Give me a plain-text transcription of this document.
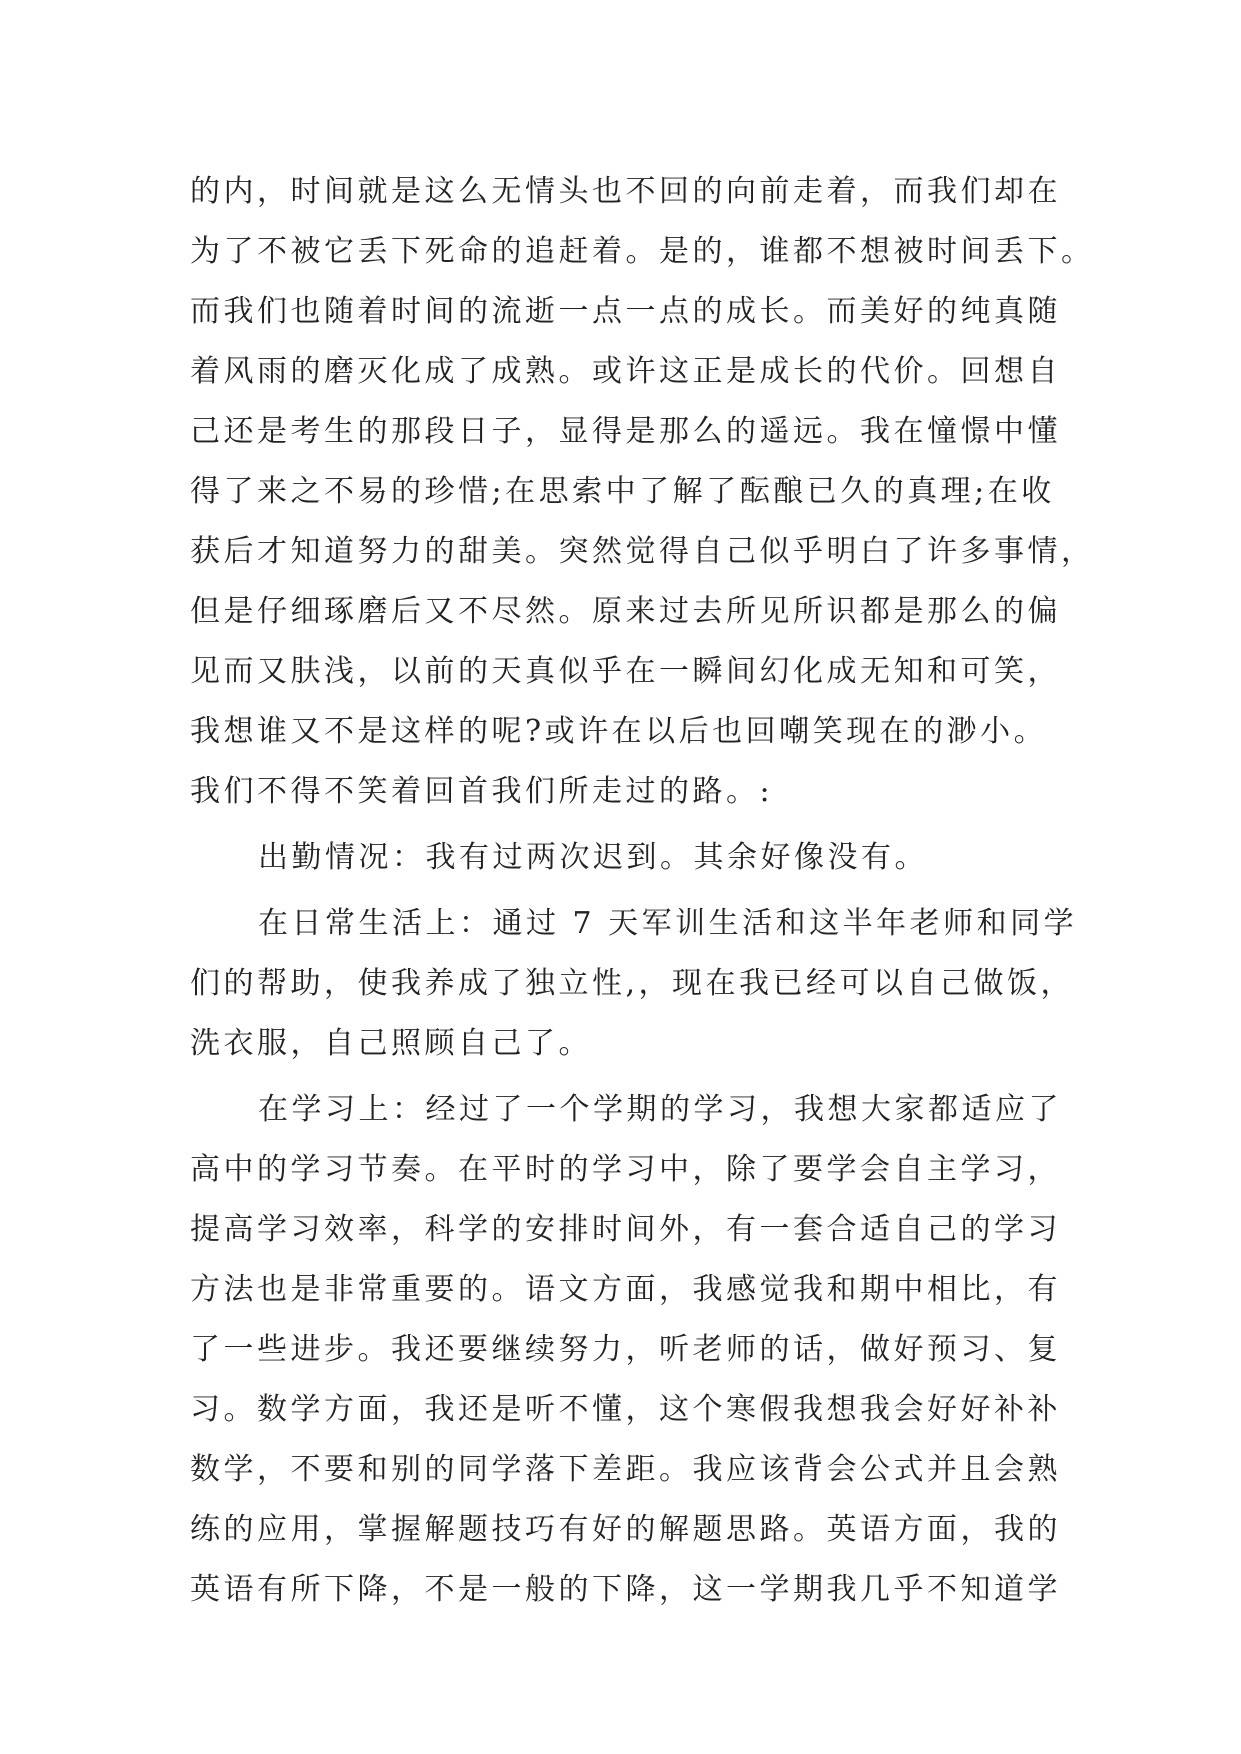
的内，时间就是这么无情头也不回的向前走着，而我们却在
为了不被它丢下死命的追赶着。是的，谁都不想被时间丢下。
而我们也随着时间的流逝一点一点的成长。而美好的纯真随
着风雨的磨灭化成了成熟。或许这正是成长的代价。回想自
己还是考生的那段日子，显得是那么的遥远。我在憧憬中懂
得了来之不易的珍惜;在思索中了解了酝酿已久的真理;在收
获后才知道努力的甜美。突然觉得自己似乎明白了许多事情，
但是仔细琢磨后又不尽然。原来过去所见所识都是那么的偏
见而又肤浅，以前的天真似乎在一瞬间幻化成无知和可笑，
我想谁又不是这样的呢?或许在以后也回嘲笑现在的渺小。
我们不得不笑着回首我们所走过的路。:
出勤情况：我有过两次迟到。其余好像没有。
在日常生活上：通过 7 天军训生活和这半年老师和同学
们的帮助，使我养成了独立性,，现在我已经可以自己做饭，
洗衣服，自己照顾自己了。
在学习上：经过了一个学期的学习，我想大家都适应了
高中的学习节奏。在平时的学习中，除了要学会自主学习，
提高学习效率，科学的安排时间外，有一套合适自己的学习
方法也是非常重要的。语文方面，我感觉我和期中相比，有
了一些进步。我还要继续努力，听老师的话，做好预习、复
习。数学方面，我还是听不懂，这个寒假我想我会好好补补
数学，不要和别的同学落下差距。我应该背会公式并且会熟
练的应用，掌握解题技巧有好的解题思路。英语方面，我的
英语有所下降，不是一般的下降，这一学期我几乎不知道学
